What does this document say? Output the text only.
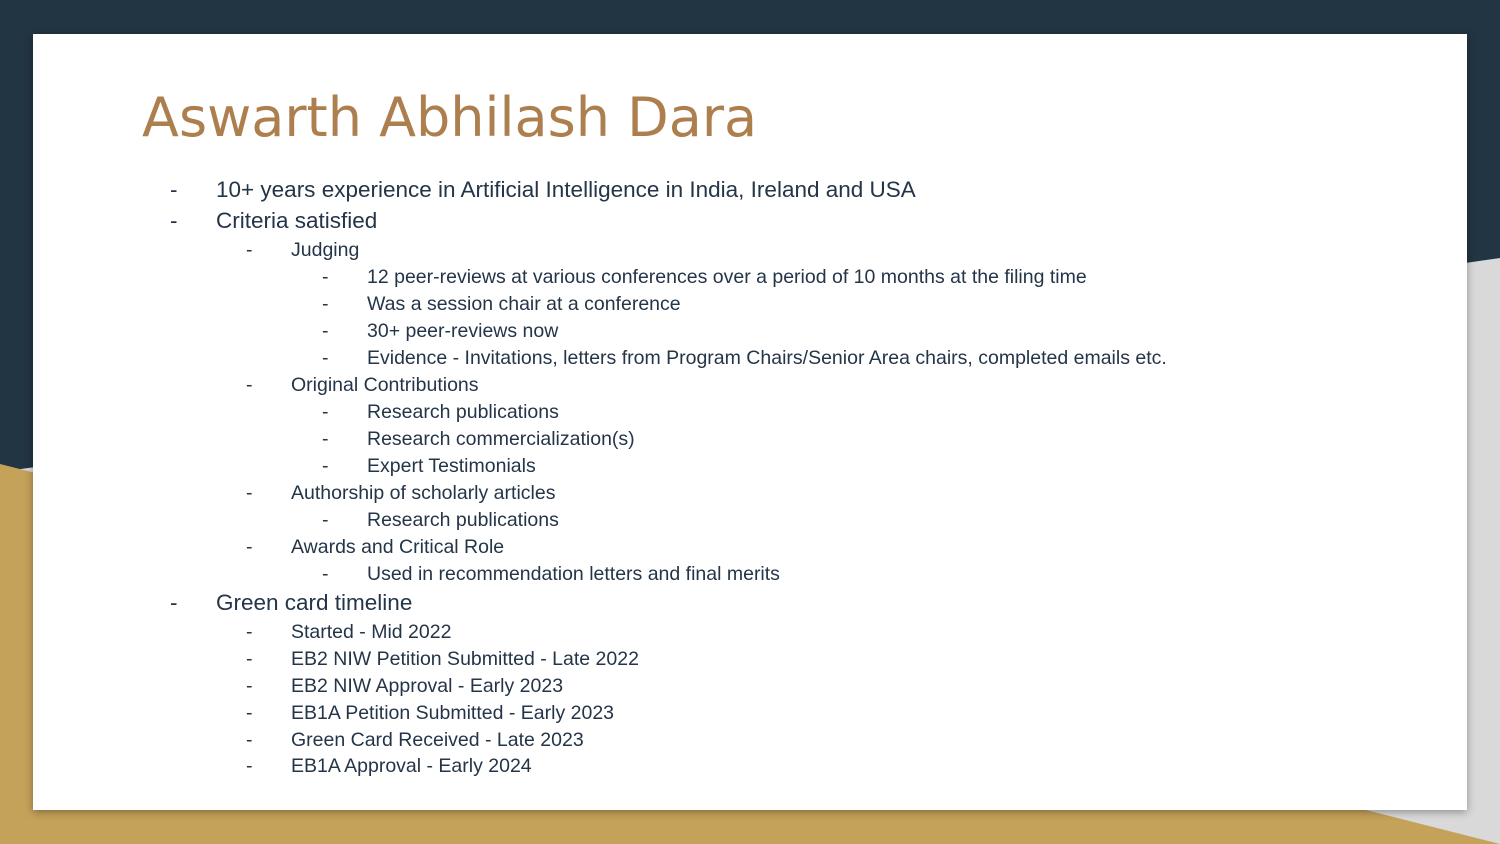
Aswarth Abhilash Dara
- 10+ years experience in Artificial Intelligence in India, Ireland and USA
- Criteria satisfied
- Judging
- 12 peer-reviews at various conferences over a period of 10 months at the filing time
- Was a session chair at a conference
- 30+ peer-reviews now
- Evidence - Invitations, letters from Program Chairs/Senior Area chairs, completed emails etc.
- Original Contributions
- Research publications
- Research commercialization(s)
- Expert Testimonials
- Authorship of scholarly articles
- Research publications
- Awards and Critical Role
- Used in recommendation letters and final merits
- Green card timeline
- Started - Mid 2022
- EB2 NIW Petition Submitted - Late 2022
- EB2 NIW Approval - Early 2023
- EB1A Petition Submitted - Early 2023
- Green Card Received - Late 2023
- EB1A Approval - Early 2024
